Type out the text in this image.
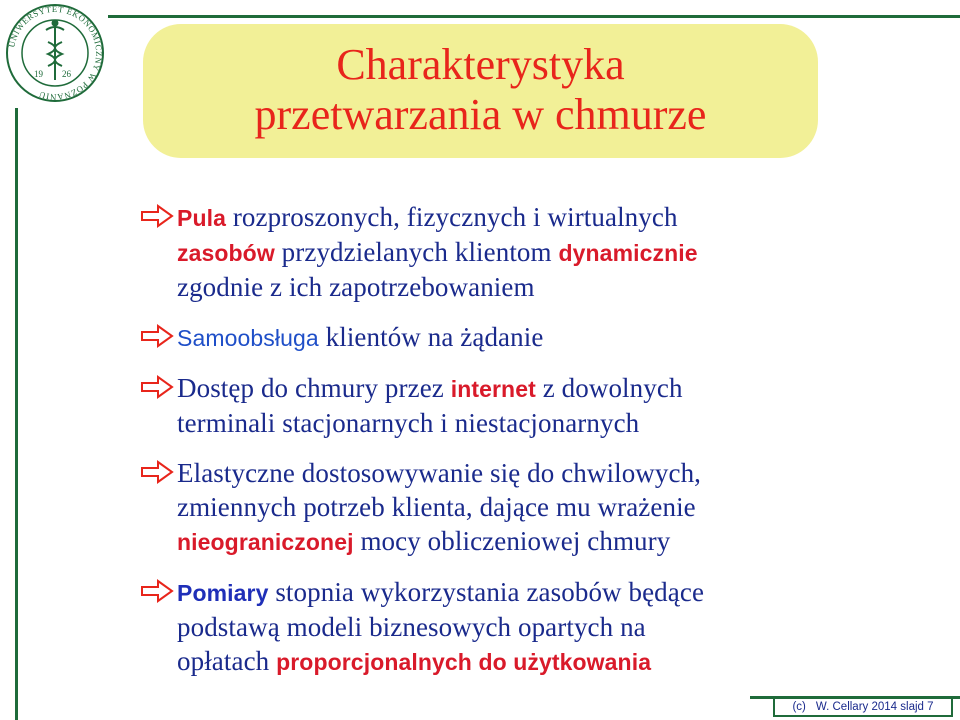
UNIWERSYTET EKONOMICZNY W POZNANIU
19 26	Charakterystyka
przetwarzania w chmurze
Pula rozproszonych, fizycznych i wirtualnych
zasobów przydzielanych klientom dynamicznie
zgodnie z ich zapotrzebowaniem
Samoobsługa klientów na żądanie
Dostęp do chmury przez internet z dowolnych
terminali stacjonarnych i niestacjonarnych
Elastyczne dostosowywanie się do chwilowych,
zmiennych potrzeb klienta, dające mu wrażenie
nieograniczonej mocy obliczeniowej chmury
Pomiary stopnia wykorzystania zasobów będące
podstawą modeli biznesowych opartych na
opłatach proporcjonalnych do użytkowania
(c) W. Cellary 2014 slajd 7
